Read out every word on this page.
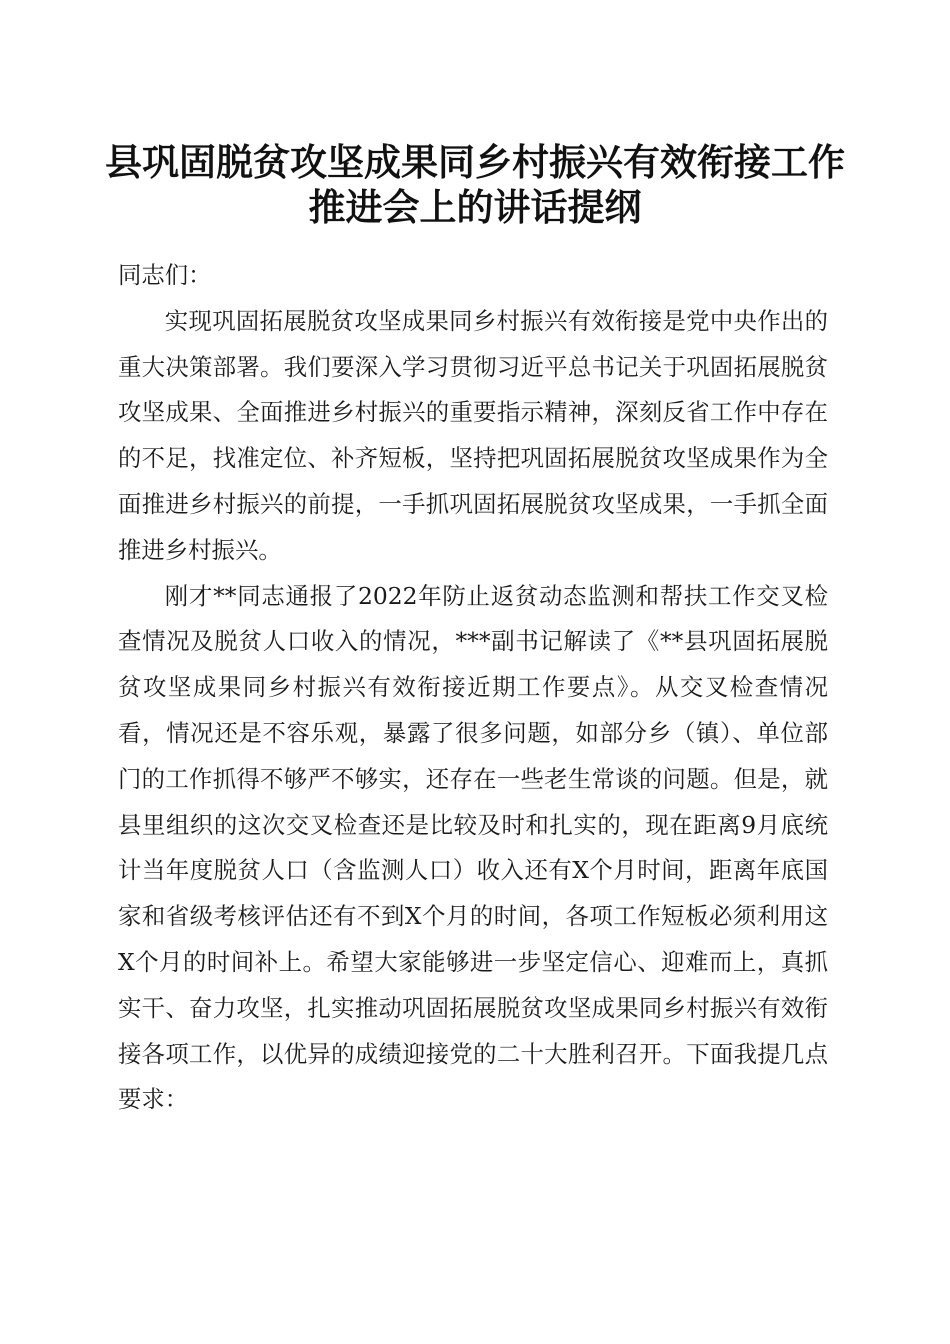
县巩固脱贫攻坚成果同乡村振兴有效衔接工作
推进会上的讲话提纲

同志们：

实现巩固拓展脱贫攻坚成果同乡村振兴有效衔接是党中央作出的重大决策部署。我们要深入学习贯彻习近平总书记关于巩固拓展脱贫攻坚成果、全面推进乡村振兴的重要指示精神，深刻反省工作中存在的不足，找准定位、补齐短板，坚持把巩固拓展脱贫攻坚成果作为全面推进乡村振兴的前提，一手抓巩固拓展脱贫攻坚成果，一手抓全面推进乡村振兴。

刚才**同志通报了2022年防止返贫动态监测和帮扶工作交叉检查情况及脱贫人口收入的情况，***副书记解读了《**县巩固拓展脱贫攻坚成果同乡村振兴有效衔接近期工作要点》。从交叉检查情况看，情况还是不容乐观，暴露了很多问题，如部分乡（镇）、单位部门的工作抓得不够严不够实，还存在一些老生常谈的问题。但是，就县里组织的这次交叉检查还是比较及时和扎实的，现在距离9月底统计当年度脱贫人口（含监测人口）收入还有X个月时间，距离年底国家和省级考核评估还有不到X个月的时间，各项工作短板必须利用这X个月的时间补上。希望大家能够进一步坚定信心、迎难而上，真抓实干、奋力攻坚，扎实推动巩固拓展脱贫攻坚成果同乡村振兴有效衔接各项工作，以优异的成绩迎接党的二十大胜利召开。下面我提几点要求：
